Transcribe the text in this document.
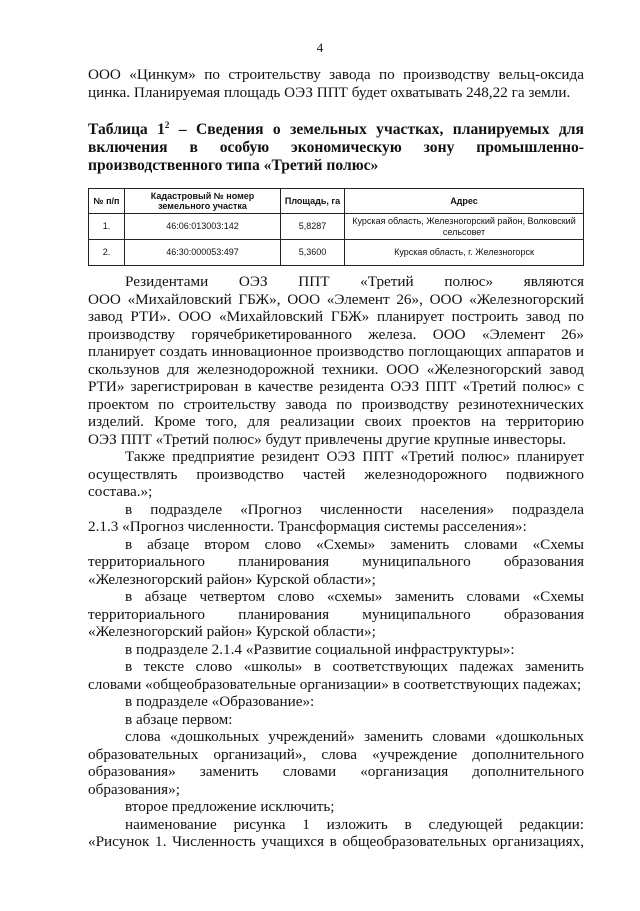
4

ООО «Цинкум» по строительству завода по производству вельц-оксида

цинка. Планируемая площадь ОЭЗ ППТ будет охватывать 248,22 га земли.

Таблица $1^2$ – Сведения о земельных участках, планируемых для
включения в особую экономическую зону промышленно-
производственного типа «Третий полюс»
№ п/п	Кадастровый № номер земельного участка	Площадь, га	Адрес
1.	46:06:013003:142	5,8287	Курская область, Железногорский район, Волковский сельсовет
2.	46:30:000053:497	5,3600	Курская область, г. Железногорск

Резидентами ОЭЗ ППТ «Третий полюс» являются

ООО «Михайловский ГБЖ», ООО «Элемент 26», ООО «Железногорский

завод РТИ». ООО «Михайловский ГБЖ» планирует построить завод по

производству горячебрикетированного железа. ООО «Элемент 26»

планирует создать инновационное производство поглощающих аппаратов и

скользунов для железнодорожной техники. ООО «Железногорский завод

РТИ» зарегистрирован в качестве резидента ОЭЗ ППТ «Третий полюс» с

проектом по строительству завода по производству резинотехнических

изделий. Кроме того, для реализации своих проектов на территорию

ОЭЗ ППТ «Третий полюс» будут привлечены другие крупные инвесторы.

Также предприятие резидент ОЭЗ ППТ «Третий полюс» планирует

осуществлять производство частей железнодорожного подвижного

состава.»;

в подразделе «Прогноз численности населения» подраздела

2.1.3 «Прогноз численности. Трансформация системы расселения»:

в абзаце втором слово «Схемы» заменить словами «Схемы

территориального планирования муниципального образования

«Железногорский район» Курской области»;

в абзаце четвертом слово «схемы» заменить словами «Схемы

территориального планирования муниципального образования

«Железногорский район» Курской области»;

в подразделе 2.1.4 «Развитие социальной инфраструктуры»:

в тексте слово «школы» в соответствующих падежах заменить

словами «общеобразовательные организации» в соответствующих падежах;

в подразделе «Образование»:

в абзаце первом:

слова «дошкольных учреждений» заменить словами «дошкольных

образовательных организаций», слова «учреждение дополнительного

образования» заменить словами «организация дополнительного

образования»;

второе предложение исключить;

наименование рисунка 1 изложить в следующей редакции:

«Рисунок 1. Численность учащихся в общеобразовательных организациях,
